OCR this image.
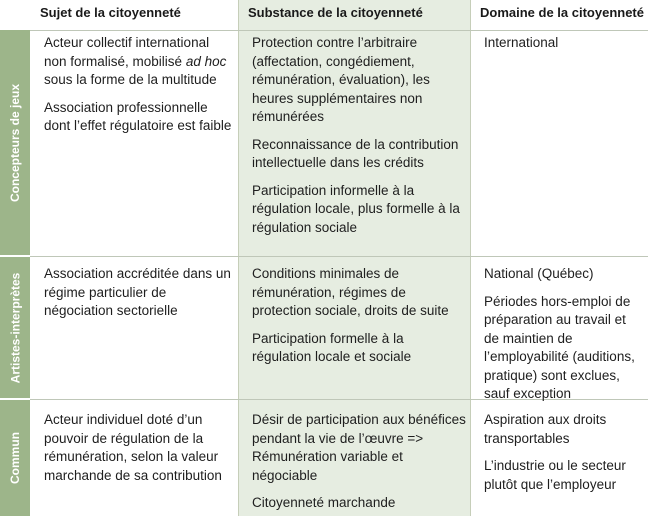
Sujet de la citoyenneté	Substance de la citoyenneté	Domaine de la citoyenneté
Concepteurs de jeux
Artistes-interprètes
Commun

Acteur collectif international non formalisé, mobilisé ad hoc sous la forme de la multitude

Association professionnelle dont l’effet régulatoire est faible

Protection contre l’arbitraire (affectation, congédiement, rémunération, évaluation), les heures supplémentaires non rémunérées

Reconnaissance de la contribution intellectuelle dans les crédits

Participation informelle à la régulation locale, plus formelle à la régulation sociale

International

Association accréditée dans un régime particulier de négociation sectorielle

Conditions minimales de rémunération, régimes de protection sociale, droits de suite

Participation formelle à la régulation locale et sociale

National (Québec)

Périodes hors-emploi de préparation au travail et de maintien de l’employabilité (auditions, pratique) sont exclues, sauf exception

Acteur individuel doté d’un pouvoir de régulation de la rémunération, selon la valeur marchande de sa contribution

Désir de participation aux bénéfices pendant la vie de l’œuvre => Rémunération variable et négociable

Citoyenneté marchande

Aspiration aux droits transportables

L’industrie ou le secteur plutôt que l’employeur
